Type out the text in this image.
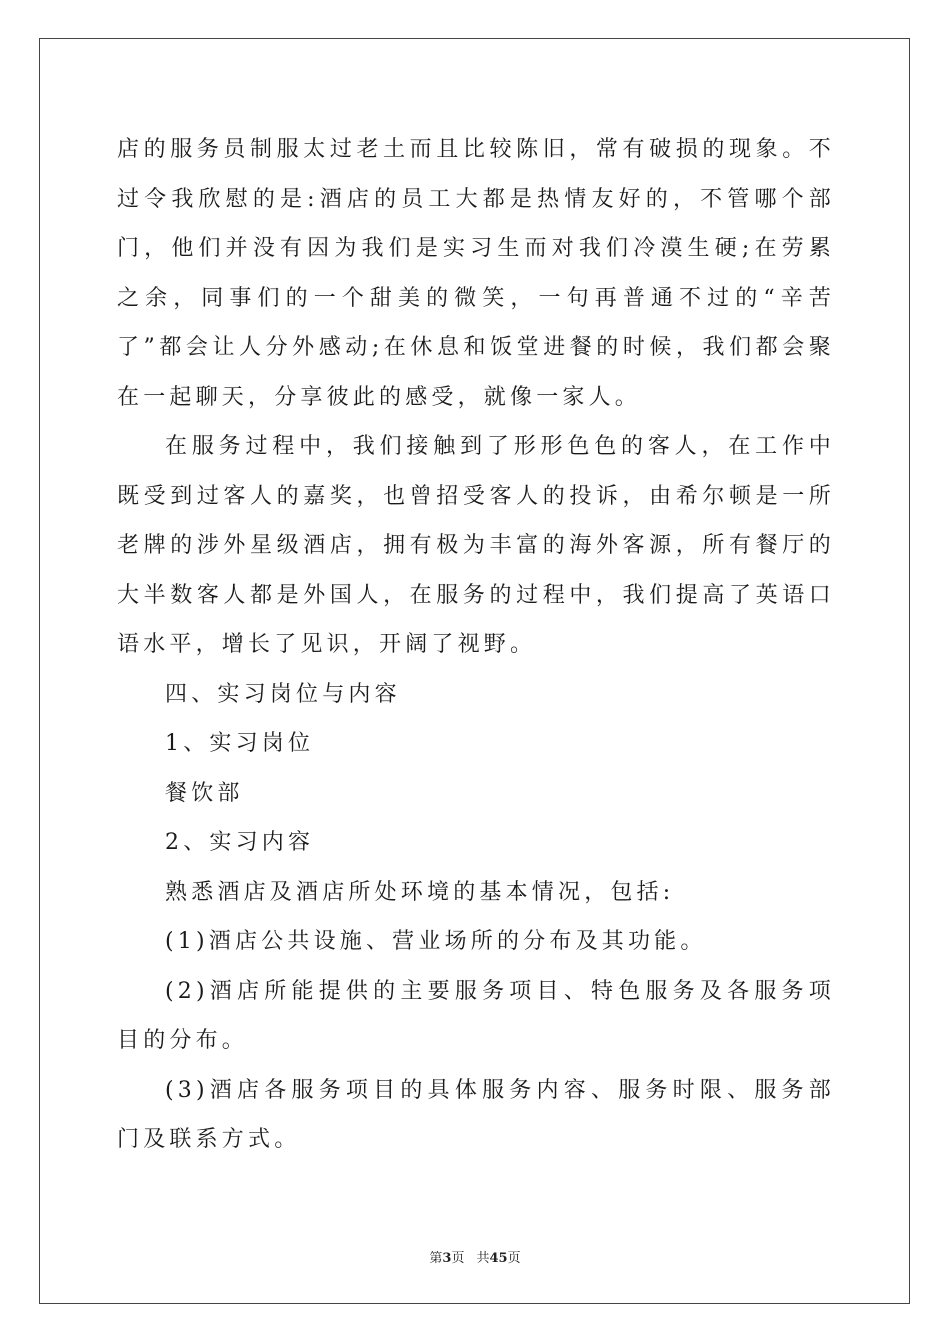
店的服务员制服太过老土而且比较陈旧，常有破损的现象。不过令我欣慰的是:酒店的员工大都是热情友好的，不管哪个部门，他们并没有因为我们是实习生而对我们冷漠生硬;在劳累之余，同事们的一个甜美的微笑，一句再普通不过的“辛苦了”都会让人分外感动;在休息和饭堂进餐的时候，我们都会聚在一起聊天，分享彼此的感受，就像一家人。

在服务过程中，我们接触到了形形色色的客人，在工作中既受到过客人的嘉奖，也曾招受客人的投诉，由希尔顿是一所老牌的涉外星级酒店，拥有极为丰富的海外客源，所有餐厅的大半数客人都是外国人，在服务的过程中，我们提高了英语口语水平，增长了见识，开阔了视野。

四、实习岗位与内容

1、实习岗位

餐饮部

2、实习内容

熟悉酒店及酒店所处环境的基本情况，包括:

(1)酒店公共设施、营业场所的分布及其功能。

(2)酒店所能提供的主要服务项目、特色服务及各服务项目的分布。

(3)酒店各服务项目的具体服务内容、服务时限、服务部门及联系方式。

第3页 共45页
